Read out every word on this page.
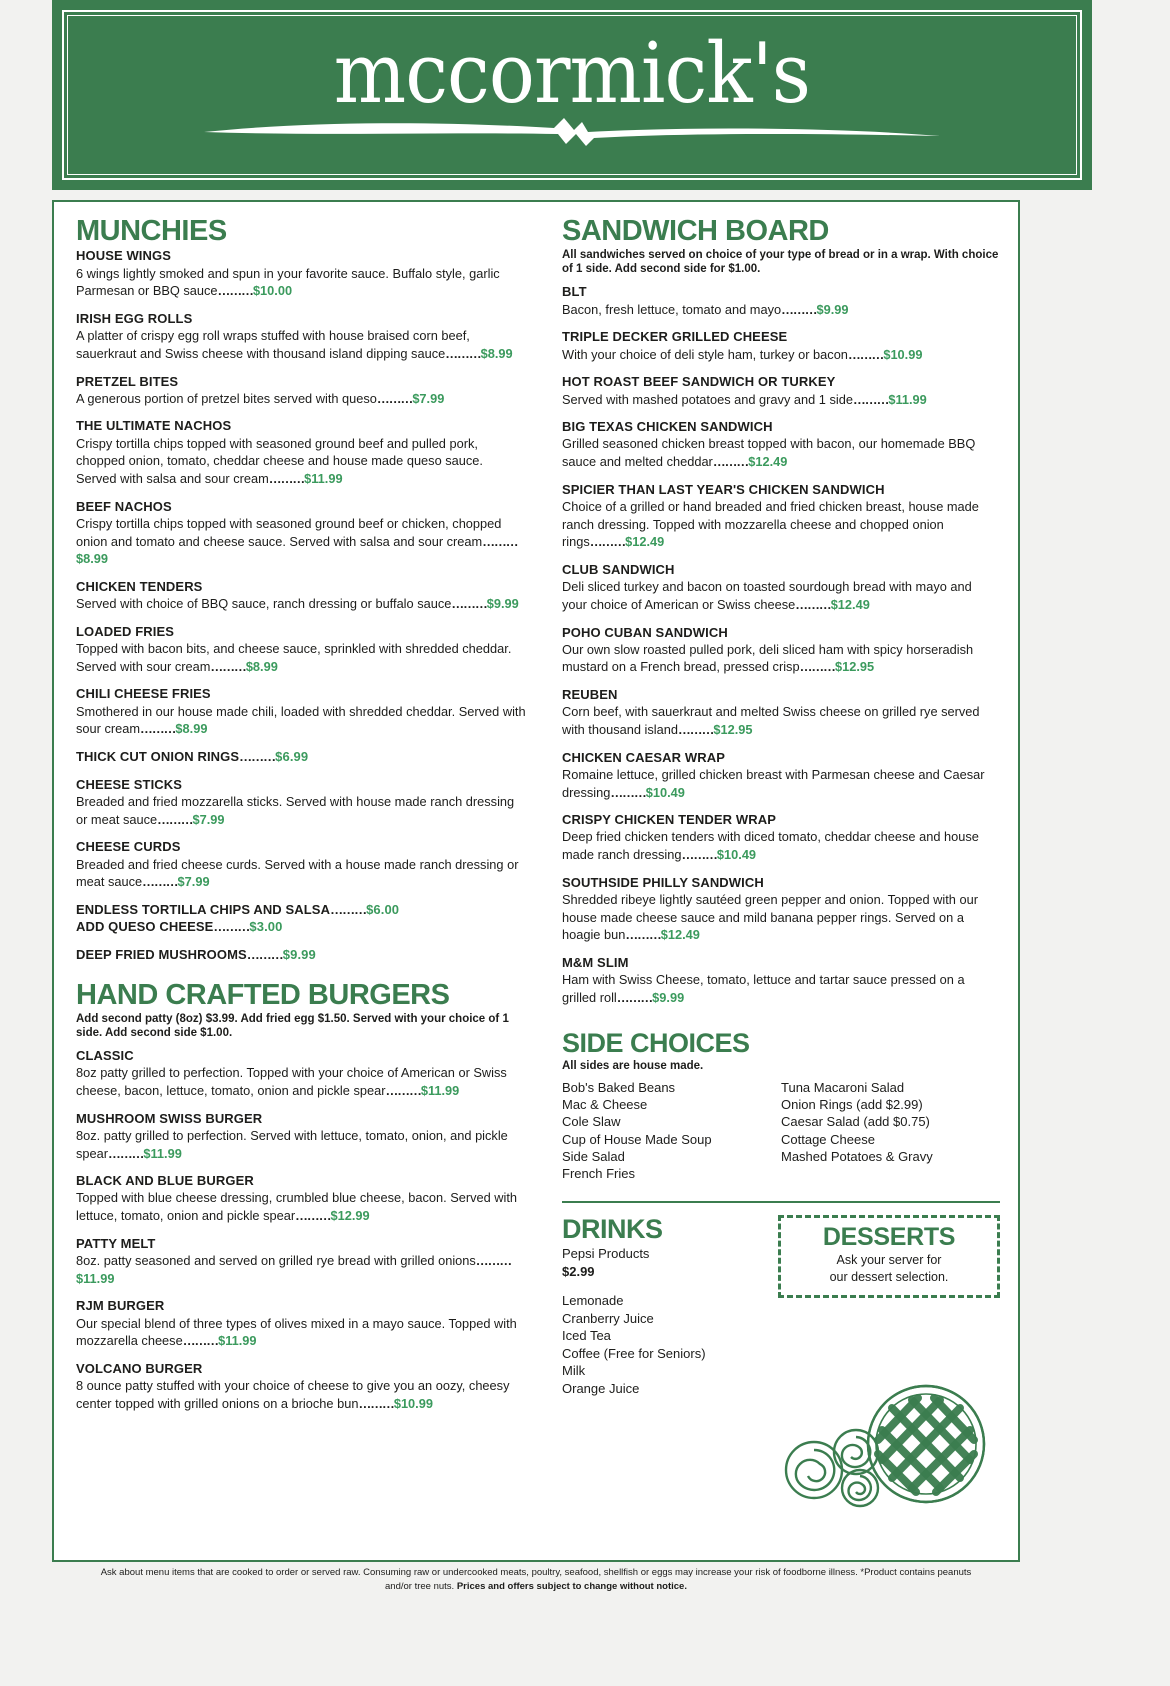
mccormick's
MUNCHIES
HOUSE WINGS
6 wings lightly smoked and spun in your favorite sauce. Buffalo style, garlic Parmesan or BBQ sauce………$10.00
IRISH EGG ROLLS
A platter of crispy egg roll wraps stuffed with house braised corn beef, sauerkraut and Swiss cheese with thousand island dipping sauce………$8.99
PRETZEL BITES
A generous portion of pretzel bites served with queso………$7.99
THE ULTIMATE NACHOS
Crispy tortilla chips topped with seasoned ground beef and pulled pork, chopped onion, tomato, cheddar cheese and house made queso sauce. Served with salsa and sour cream………$11.99
BEEF NACHOS
Crispy tortilla chips topped with seasoned ground beef or chicken, chopped onion and tomato and cheese sauce. Served with salsa and sour cream………$8.99
CHICKEN TENDERS
Served with choice of BBQ sauce, ranch dressing or buffalo sauce………$9.99
LOADED FRIES
Topped with bacon bits, and cheese sauce, sprinkled with shredded cheddar. Served with sour cream………$8.99
CHILI CHEESE FRIES
Smothered in our house made chili, loaded with shredded cheddar. Served with sour cream………$8.99
THICK CUT ONION RINGS………$6.99
CHEESE STICKS
Breaded and fried mozzarella sticks. Served with house made ranch dressing or meat sauce………$7.99
CHEESE CURDS
Breaded and fried cheese curds. Served with a house made ranch dressing or meat sauce………$7.99
ENDLESS TORTILLA CHIPS AND SALSA………$6.00
ADD QUESO CHEESE………$3.00
DEEP FRIED MUSHROOMS………$9.99
HAND CRAFTED BURGERS
Add second patty (8oz) $3.99. Add fried egg $1.50. Served with your choice of 1 side. Add second side $1.00.
CLASSIC
8oz patty grilled to perfection. Topped with your choice of American or Swiss cheese, bacon, lettuce, tomato, onion and pickle spear………$11.99
MUSHROOM SWISS BURGER
8oz. patty grilled to perfection. Served with lettuce, tomato, onion, and pickle spear………$11.99
BLACK AND BLUE BURGER
Topped with blue cheese dressing, crumbled blue cheese, bacon. Served with lettuce, tomato, onion and pickle spear………$12.99
PATTY MELT
8oz. patty seasoned and served on grilled rye bread with grilled onions………$11.99
RJM BURGER
Our special blend of three types of olives mixed in a mayo sauce. Topped with mozzarella cheese………$11.99
VOLCANO BURGER
8 ounce patty stuffed with your choice of cheese to give you an oozy, cheesy center topped with grilled onions on a brioche bun………$10.99
SANDWICH BOARD
All sandwiches served on choice of your type of bread or in a wrap. With choice of 1 side. Add second side for $1.00.
BLT
Bacon, fresh lettuce, tomato and mayo………$9.99
TRIPLE DECKER GRILLED CHEESE
With your choice of deli style ham, turkey or bacon………$10.99
HOT ROAST BEEF SANDWICH OR TURKEY
Served with mashed potatoes and gravy and 1 side………$11.99
BIG TEXAS CHICKEN SANDWICH
Grilled seasoned chicken breast topped with bacon, our homemade BBQ sauce and melted cheddar………$12.49
SPICIER THAN LAST YEAR'S CHICKEN SANDWICH
Choice of a grilled or hand breaded and fried chicken breast, house made ranch dressing. Topped with mozzarella cheese and chopped onion rings………$12.49
CLUB SANDWICH
Deli sliced turkey and bacon on toasted sourdough bread with mayo and your choice of American or Swiss cheese………$12.49
POHO CUBAN SANDWICH
Our own slow roasted pulled pork, deli sliced ham with spicy horseradish mustard on a French bread, pressed crisp………$12.95
REUBEN
Corn beef, with sauerkraut and melted Swiss cheese on grilled rye served with thousand island………$12.95
CHICKEN CAESAR WRAP
Romaine lettuce, grilled chicken breast with Parmesan cheese and Caesar dressing………$10.49
CRISPY CHICKEN TENDER WRAP
Deep fried chicken tenders with diced tomato, cheddar cheese and house made ranch dressing………$10.49
SOUTHSIDE PHILLY SANDWICH
Shredded ribeye lightly sautéed green pepper and onion. Topped with our house made cheese sauce and mild banana pepper rings. Served on a hoagie bun………$12.49
M&M SLIM
Ham with Swiss Cheese, tomato, lettuce and tartar sauce pressed on a grilled roll………$9.99
SIDE CHOICES
All sides are house made.
Bob's Baked Beans
Mac & Cheese
Cole Slaw
Cup of House Made Soup
Side Salad
French Fries
Tuna Macaroni Salad
Onion Rings (add $2.99)
Caesar Salad (add $0.75)
Cottage Cheese
Mashed Potatoes & Gravy
DRINKS
Pepsi Products
$2.99
Lemonade
Cranberry Juice
Iced Tea
Coffee (Free for Seniors)
Milk
Orange Juice
DESSERTS
Ask your server for
our dessert selection.
Ask about menu items that are cooked to order or served raw. Consuming raw or undercooked meats, poultry, seafood, shellfish or eggs may increase your risk of foodborne illness. *Product contains peanuts and/or tree nuts. Prices and offers subject to change without notice.
